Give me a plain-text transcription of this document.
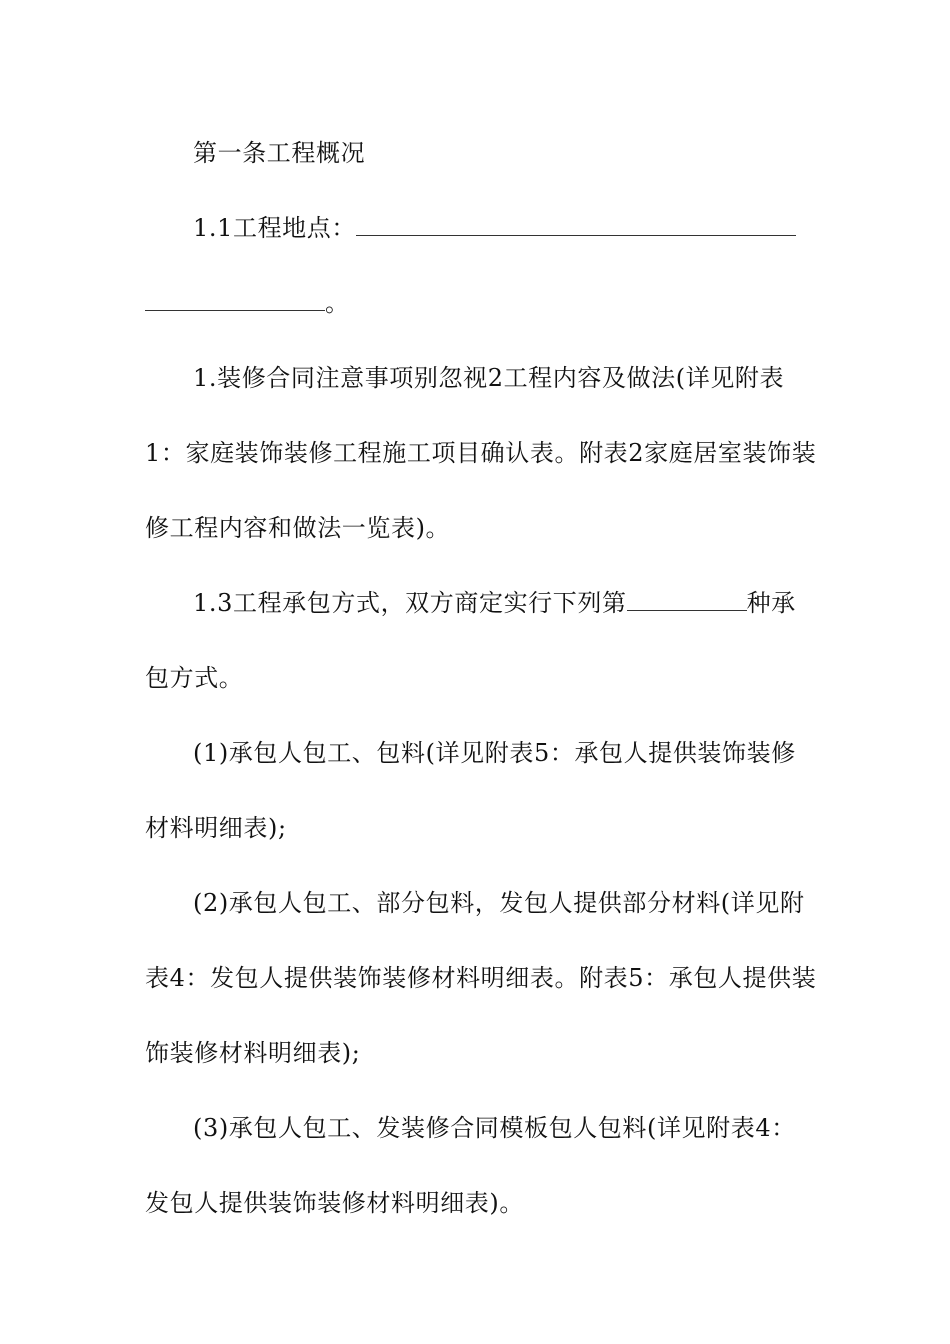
第一条工程概况
1.1工程地点：
。
1.装修合同注意事项别忽视2工程内容及做法(详见附表
1：家庭装饰装修工程施工项目确认表。附表2家庭居室装饰装
修工程内容和做法一览表)。
1.3工程承包方式，双方商定实行下列第	种承
包方式。
(1)承包人包工、包料(详见附表5：承包人提供装饰装修
材料明细表);
(2)承包人包工、部分包料，发包人提供部分材料(详见附
表4：发包人提供装饰装修材料明细表。附表5：承包人提供装
饰装修材料明细表);
(3)承包人包工、发装修合同模板包人包料(详见附表4：
发包人提供装饰装修材料明细表)。
